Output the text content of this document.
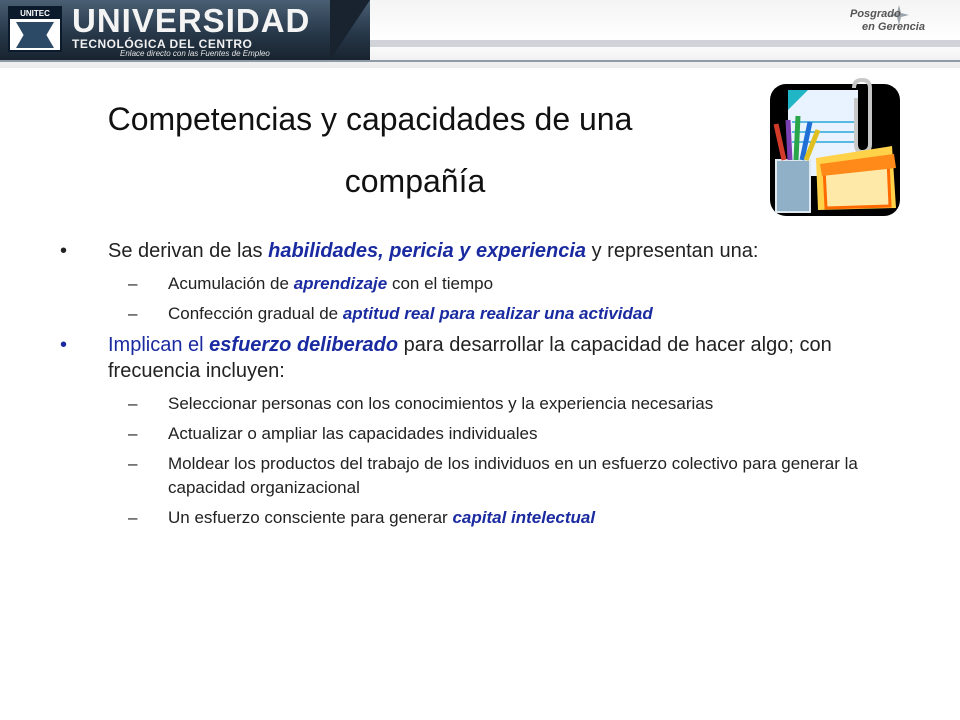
UNITEC UNIVERSIDAD
TECNOLÓGICA DEL CENTRO
Enlace directo con las Fuentes de Empleo
Posgrado
en Gerencia
Competencias y capacidades de una
compañía
• Se derivan de las habilidades, pericia y experiencia y representan una:
– Acumulación de aprendizaje con el tiempo
– Confección gradual de aptitud real para realizar una actividad
• Implican el esfuerzo deliberado para desarrollar la capacidad de hacer algo; con frecuencia incluyen:
– Seleccionar personas con los conocimientos y la experiencia necesarias
– Actualizar o ampliar las capacidades individuales
– Moldear los productos del trabajo de los individuos en un esfuerzo colectivo para generar la capacidad organizacional
– Un esfuerzo consciente para generar capital intelectual
